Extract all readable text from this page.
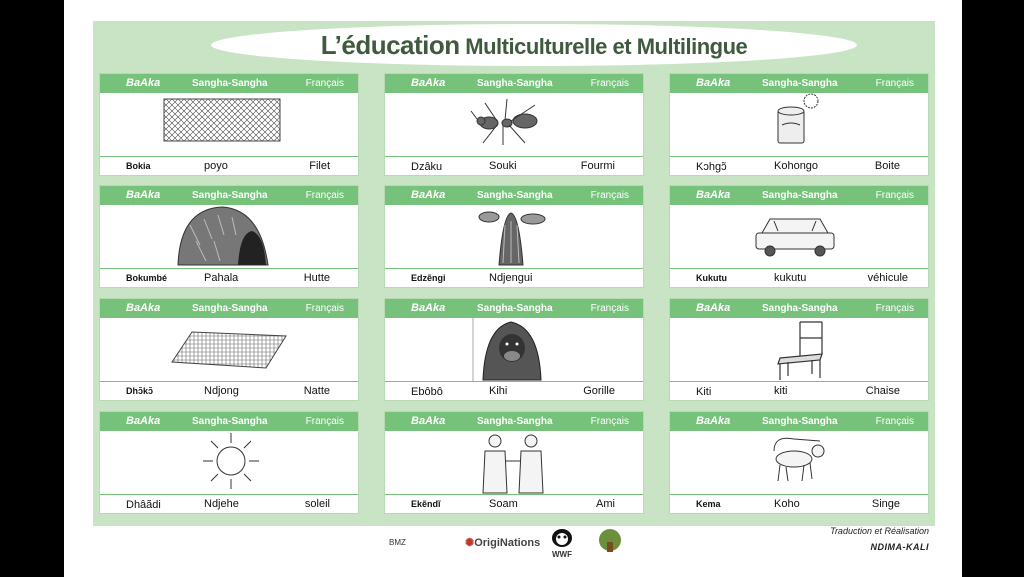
L’éducation Multiculturelle et Multilingue
BaAka	Sangha-Sangha	Français
Bokia	poyo	Filet
BaAka	Sangha-Sangha	Français
Dzâku	Souki	Fourmi
BaAka	Sangha-Sangha	Français
Kɔhgɔ̃	Kohongo	Boite
BaAka	Sangha-Sangha	Français
Bokumbé	Pahala	Hutte
BaAka	Sangha-Sangha	Français
Edzẽngi	Ndjengui
BaAka	Sangha-Sangha	Français
Kukutu	kukutu	véhicule
BaAka	Sangha-Sangha	Français
Dhɔ̃kɔ̃	Ndjong	Natte
BaAka	Sangha-Sangha	Français
Ebôbô	Kihi	Gorille
BaAka	Sangha-Sangha	Français
Kiti	kiti	Chaise
BaAka	Sangha-Sangha	Français
Dhâãdi	Ndjehe	soleil
BaAka	Sangha-Sangha	Français
Ekẽndĩ	Soam	Ami
BaAka	Sangha-Sangha	Français
Kema	Koho	Singe
BMZ	✺OrigiNations
WWF
Traduction et Réalisation
NDIMA-KALI
